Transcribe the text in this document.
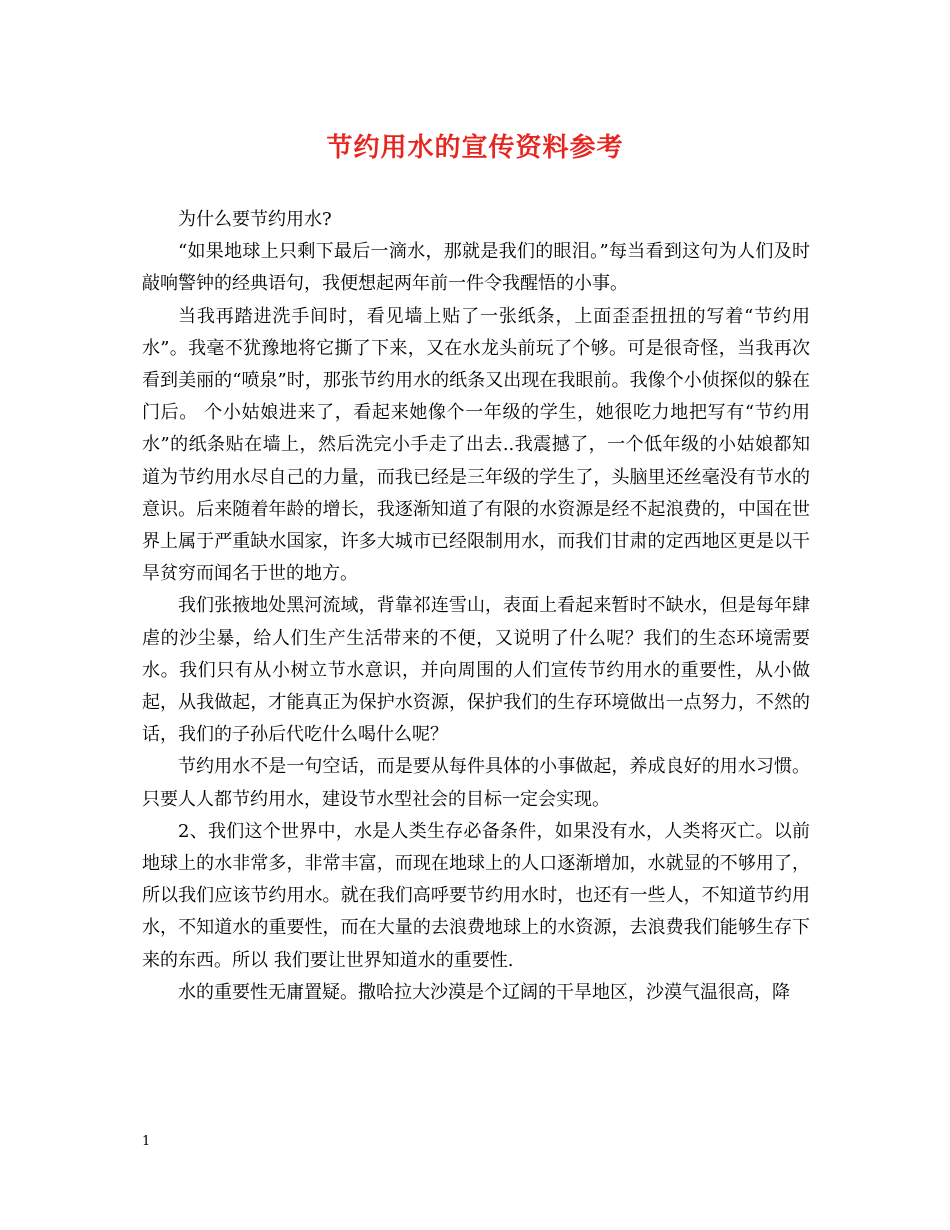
节约用水的宣传资料参考

为什么要节约用水?

“如果地球上只剩下最后一滴水，那就是我们的眼泪。”每当看到这句为人们及时敲响警钟的经典语句，我便想起两年前一件令我醒悟的小事。

当我再踏进洗手间时，看见墙上贴了一张纸条，上面歪歪扭扭的写着“节约用水”。我毫不犹豫地将它撕了下来，又在水龙头前玩了个够。可是很奇怪，当我再次看到美丽的“喷泉”时，那张节约用水的纸条又出现在我眼前。我像个小侦探似的躲在门后。 个小姑娘进来了，看起来她像个一年级的学生，她很吃力地把写有“节约用水”的纸条贴在墙上，然后洗完小手走了出去..我震撼了，一个低年级的小姑娘都知道为节约用水尽自己的力量，而我已经是三年级的学生了，头脑里还丝毫没有节水的意识。后来随着年龄的增长，我逐渐知道了有限的水资源是经不起浪费的，中国在世界上属于严重缺水国家，许多大城市已经限制用水，而我们甘肃的定西地区更是以干旱贫穷而闻名于世的地方。

我们张掖地处黑河流域，背靠祁连雪山，表面上看起来暂时不缺水，但是每年肆虐的沙尘暴，给人们生产生活带来的不便，又说明了什么呢？我们的生态环境需要水。我们只有从小树立节水意识，并向周围的人们宣传节约用水的重要性，从小做起，从我做起，才能真正为保护水资源，保护我们的生存环境做出一点努力，不然的话，我们的子孙后代吃什么喝什么呢？

节约用水不是一句空话，而是要从每件具体的小事做起，养成良好的用水习惯。只要人人都节约用水，建设节水型社会的目标一定会实现。

2、我们这个世界中，水是人类生存必备条件，如果没有水，人类将灭亡。以前地球上的水非常多，非常丰富，而现在地球上的人口逐渐增加，水就显的不够用了，所以我们应该节约用水。就在我们高呼要节约用水时，也还有一些人，不知道节约用水，不知道水的重要性，而在大量的去浪费地球上的水资源，去浪费我们能够生存下来的东西。所以 我们要让世界知道水的重要性.

水的重要性无庸置疑。撒哈拉大沙漠是个辽阔的干旱地区，沙漠气温很高，降

1
